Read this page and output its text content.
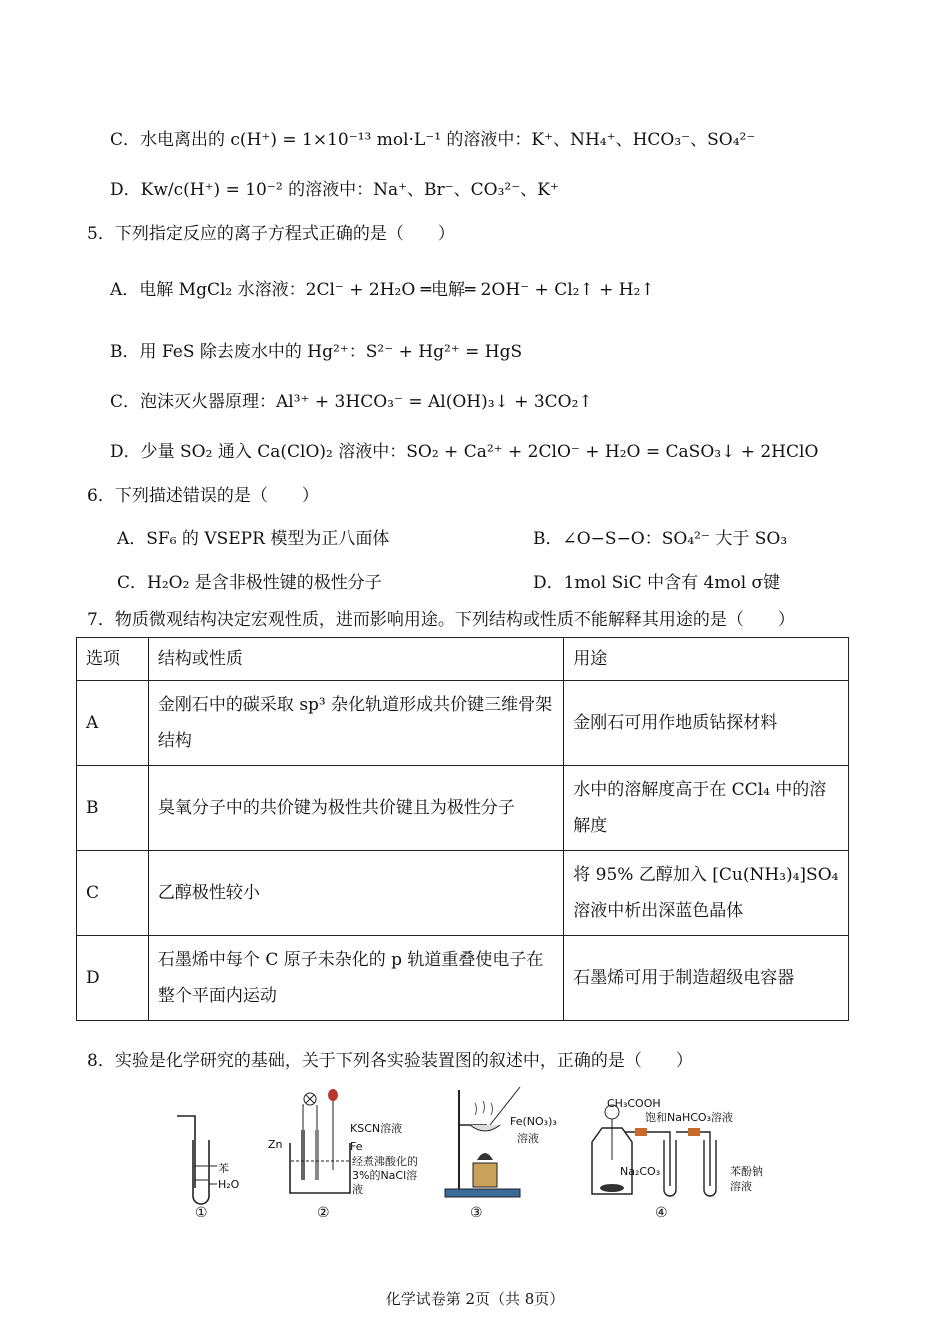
C．水电离出的 c(H⁺) = 1×10⁻¹³ mol·L⁻¹ 的溶液中：K⁺、NH₄⁺、HCO₃⁻、SO₄²⁻
D．Kw/c(H⁺) = 10⁻² 的溶液中：Na⁺、Br⁻、CO₃²⁻、K⁺
5．下列指定反应的离子方程式正确的是（　　）
A．电解 MgCl₂ 水溶液：2Cl⁻ + 2H₂O ═电解═ 2OH⁻ + Cl₂↑ + H₂↑
B．用 FeS 除去废水中的 Hg²⁺：S²⁻ + Hg²⁺ = HgS
C．泡沫灭火器原理：Al³⁺ + 3HCO₃⁻ = Al(OH)₃↓ + 3CO₂↑
D．少量 SO₂ 通入 Ca(ClO)₂ 溶液中：SO₂ + Ca²⁺ + 2ClO⁻ + H₂O = CaSO₃↓ + 2HClO
6．下列描述错误的是（　　）
A．SF₆ 的 VSEPR 模型为正八面体	B．∠O−S−O：SO₄²⁻ 大于 SO₃
C．H₂O₂ 是含非极性键的极性分子	D．1mol SiC 中含有 4mol σ键
7．物质微观结构决定宏观性质，进而影响用途。下列结构或性质不能解释其用途的是（　　）
选项	结构或性质	用途
A	金刚石中的碳采取 sp³ 杂化轨道形成共价键三维骨架结构	金刚石可用作地质钻探材料
B	臭氧分子中的共价键为极性共价键且为极性分子	水中的溶解度高于在 CCl₄ 中的溶解度
C	乙醇极性较小	将 95% 乙醇加入 [Cu(NH₃)₄]SO₄ 溶液中析出深蓝色晶体
D	石墨烯中每个 C 原子未杂化的 p 轨道重叠使电子在整个平面内运动	石墨烯可用于制造超级电容器
8．实验是化学研究的基础，关于下列各实验装置图的叙述中，正确的是（　　）
苯
H₂O
①
Zn	Fe
KSCN溶液
经煮沸酸化的3%的NaCl溶液
②
Fe(NO₃)₃
溶液
③
CH₃COOH
饱和NaHCO₃溶液
Na₂CO₃	苯酚钠
溶液
④
化学试卷第 2页（共 8页）
